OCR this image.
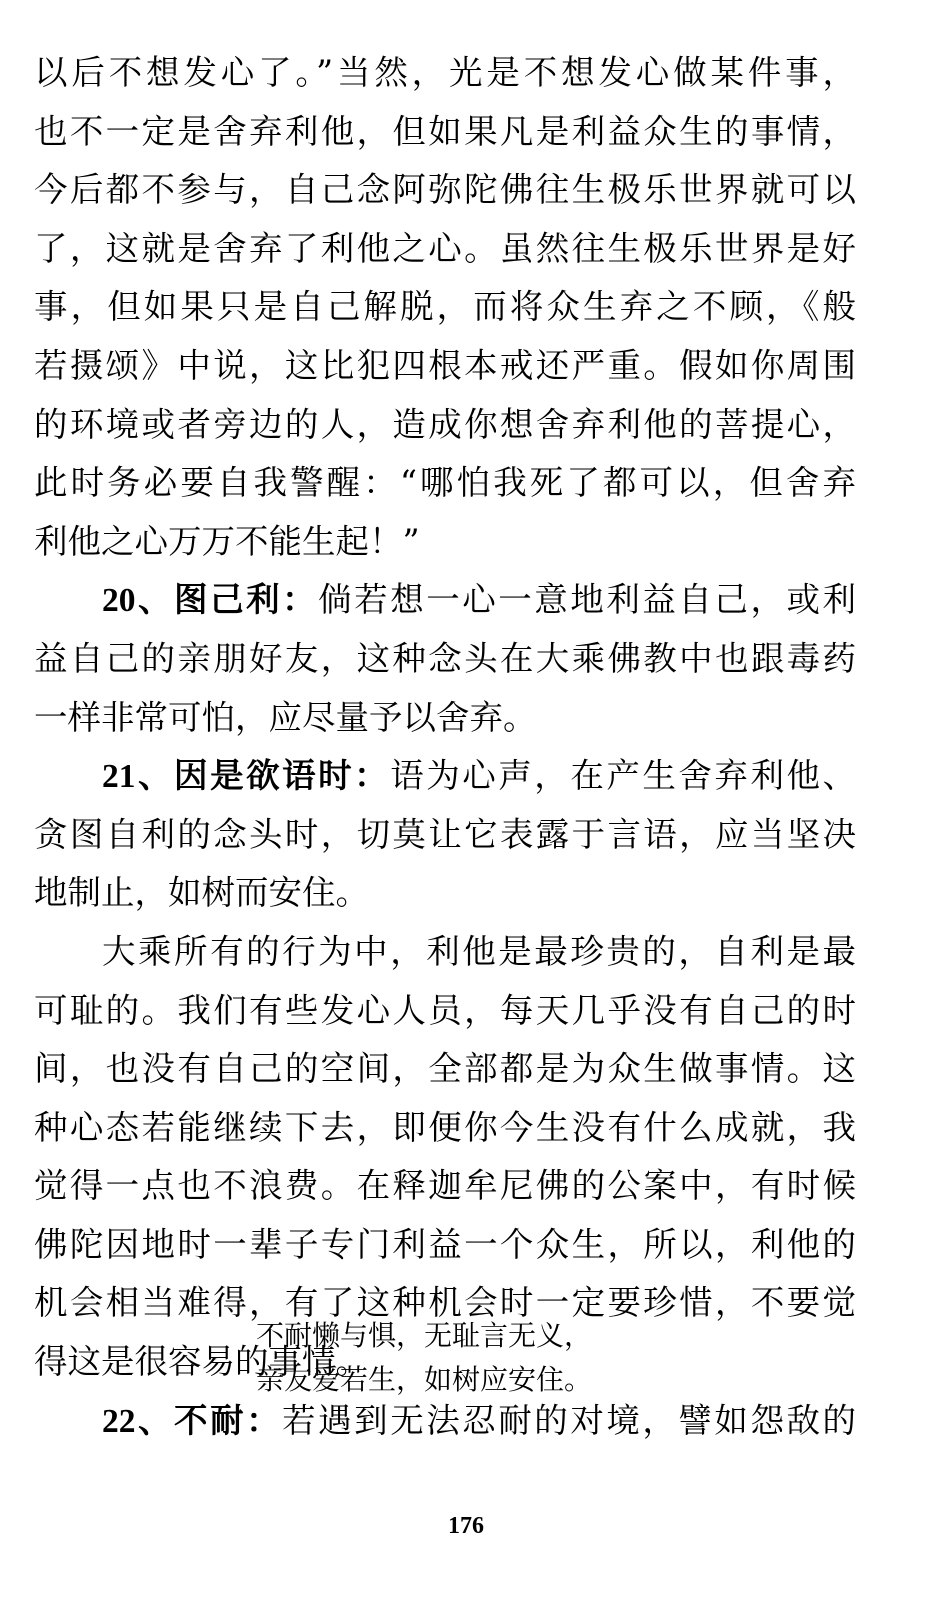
以后不想发心了。”当然，光是不想发心做某件事，
也不一定是舍弃利他，但如果凡是利益众生的事情，
今后都不参与，自己念阿弥陀佛往生极乐世界就可以
了，这就是舍弃了利他之心。虽然往生极乐世界是好
事，但如果只是自己解脱，而将众生弃之不顾，《般
若摄颂》中说，这比犯四根本戒还严重。假如你周围
的环境或者旁边的人，造成你想舍弃利他的菩提心，
此时务必要自我警醒：“哪怕我死了都可以，但舍弃
利他之心万万不能生起！”
20、图己利：倘若想一心一意地利益自己，或利
益自己的亲朋好友，这种念头在大乘佛教中也跟毒药
一样非常可怕，应尽量予以舍弃。
21、因是欲语时：语为心声，在产生舍弃利他、
贪图自利的念头时，切莫让它表露于言语，应当坚决
地制止，如树而安住。
大乘所有的行为中，利他是最珍贵的，自利是最
可耻的。我们有些发心人员，每天几乎没有自己的时
间，也没有自己的空间，全部都是为众生做事情。这
种心态若能继续下去，即便你今生没有什么成就，我
觉得一点也不浪费。在释迦牟尼佛的公案中，有时候
佛陀因地时一辈子专门利益一个众生，所以，利他的
机会相当难得，有了这种机会时一定要珍惜，不要觉
得这是很容易的事情。
不耐懒与惧，无耻言无义，
亲友爱若生，如树应安住。
22、不耐：若遇到无法忍耐的对境，譬如怨敌的
176
